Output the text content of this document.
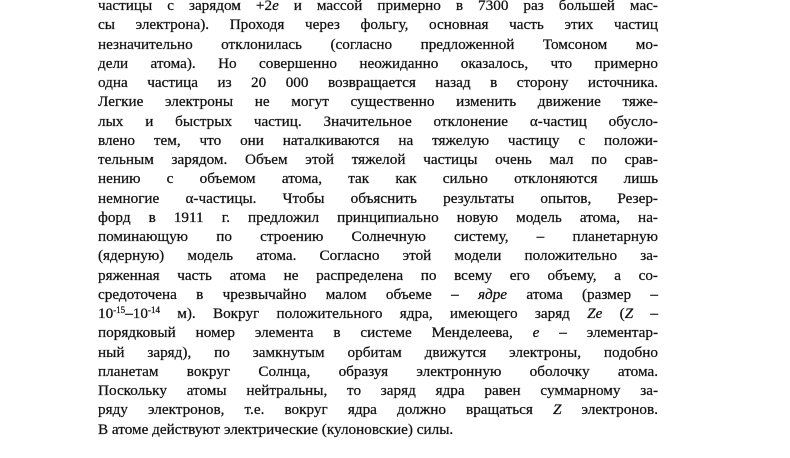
частицы с зарядом +2е и массой примерно в 7300 раз большей мас-
сы электрона). Проходя через фольгу, основная часть этих частиц
незначительно отклонилась (согласно предложенной Томсоном мо-
дели атома). Но совершенно неожиданно оказалось, что примерно
одна частица из 20 000 возвращается назад в сторону источника.
Легкие электроны не могут существенно изменить движение тяже-
лых и быстрых частиц. Значительное отклонение α-частиц обусло-
влено тем, что они наталкиваются на тяжелую частицу с положи-
тельным зарядом. Объем этой тяжелой частицы очень мал по срав-
нению с объемом атома, так как сильно отклоняются лишь
немногие α-частицы. Чтобы объяснить результаты опытов, Резер-
форд в 1911 г. предложил принципиально новую модель атома, на-
поминающую по строению Солнечную систему, – планетарную
(ядерную) модель атома. Согласно этой модели положительно за-
ряженная часть атома не распределена по всему его объему, а со-
средоточена в чрезвычайно малом объеме – ядре атома (размер –
$10^{-15}-10^{-14}$ м). Вокруг положительного ядра, имеющего заряд Ze (Z –
порядковый номер элемента в системе Менделеева, e – элементар-
ный заряд), по замкнутым орбитам движутся электроны, подобно
планетам вокруг Солнца, образуя электронную оболочку атома.
Поскольку атомы нейтральны, то заряд ядра равен суммарному за-
ряду электронов, т.е. вокруг ядра должно вращаться Z электронов.
В атоме действуют электрические (кулоновские) силы.
